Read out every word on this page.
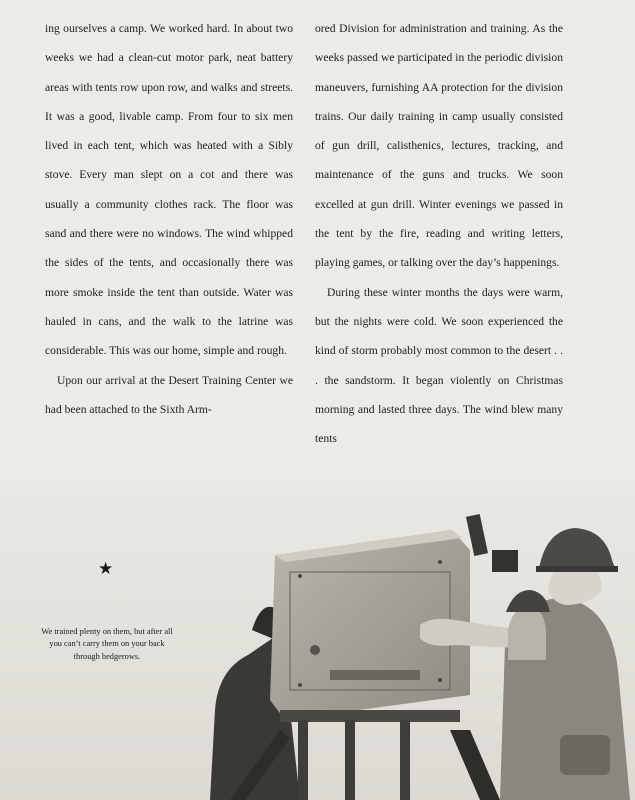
ing ourselves a camp. We worked hard. In about two weeks we had a clean-cut motor park, neat battery areas with tents row upon row, and walks and streets. It was a good, livable camp. From four to six men lived in each tent, which was heated with a Sibly stove. Every man slept on a cot and there was usually a community clothes rack. The floor was sand and there were no windows. The wind whipped the sides of the tents, and occasionally there was more smoke inside the tent than outside. Water was hauled in cans, and the walk to the latrine was considerable. This was our home, simple and rough.

Upon our arrival at the Desert Training Center we had been attached to the Sixth Arm-

ored Division for administration and training. As the weeks passed we participated in the periodic division maneuvers, furnishing AA protection for the division trains. Our daily training in camp usually consisted of gun drill, calisthenics, lectures, tracking, and maintenance of the guns and trucks. We soon excelled at gun drill. Winter evenings we passed in the tent by the fire, reading and writing letters, playing games, or talking over the day’s happenings.

During these winter months the days were warm, but the nights were cold. We soon experienced the kind of storm probably most common to the desert . . . the sandstorm. It began violently on Christmas morning and lasted three days. The wind blew many tents

★
We trained plenty on them, but after all you can’t carry them on your back through hedgerows.
